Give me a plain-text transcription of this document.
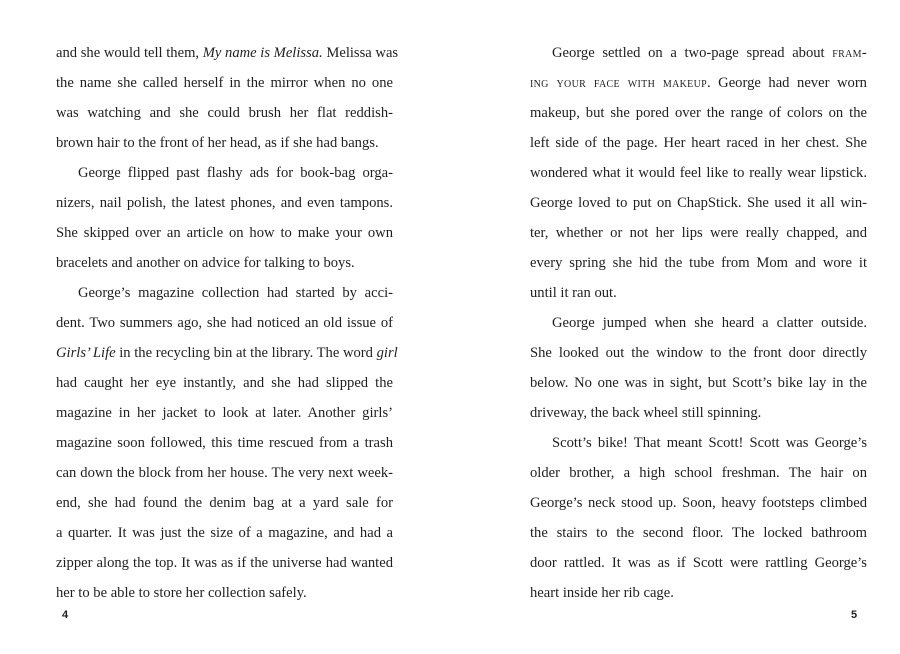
and she would tell them, My name is Melissa. Melissa was
the name she called herself in the mirror when no one
was watching and she could brush her flat reddish-
brown hair to the front of her head, as if she had bangs.
George flipped past flashy ads for book-bag orga-
nizers, nail polish, the latest phones, and even tampons.
She skipped over an article on how to make your own
bracelets and another on advice for talking to boys.
George’s magazine collection had started by acci-
dent. Two summers ago, she had noticed an old issue of
Girls’ Life in the recycling bin at the library. The word girl
had caught her eye instantly, and she had slipped the
magazine in her jacket to look at later. Another girls’
magazine soon followed, this time rescued from a trash
can down the block from her house. The very next week-
end, she had found the denim bag at a yard sale for
a quarter. It was just the size of a magazine, and had a
zipper along the top. It was as if the universe had wanted
her to be able to store her collection safely.
4
George settled on a two-page spread about fram-
ing your face with makeup. George had never worn
makeup, but she pored over the range of colors on the
left side of the page. Her heart raced in her chest. She
wondered what it would feel like to really wear lipstick.
George loved to put on ChapStick. She used it all win-
ter, whether or not her lips were really chapped, and
every spring she hid the tube from Mom and wore it
until it ran out.
George jumped when she heard a clatter outside.
She looked out the window to the front door directly
below. No one was in sight, but Scott’s bike lay in the
driveway, the back wheel still spinning.
Scott’s bike! That meant Scott! Scott was George’s
older brother, a high school freshman. The hair on
George’s neck stood up. Soon, heavy footsteps climbed
the stairs to the second floor. The locked bathroom
door rattled. It was as if Scott were rattling George’s
heart inside her rib cage.
5
